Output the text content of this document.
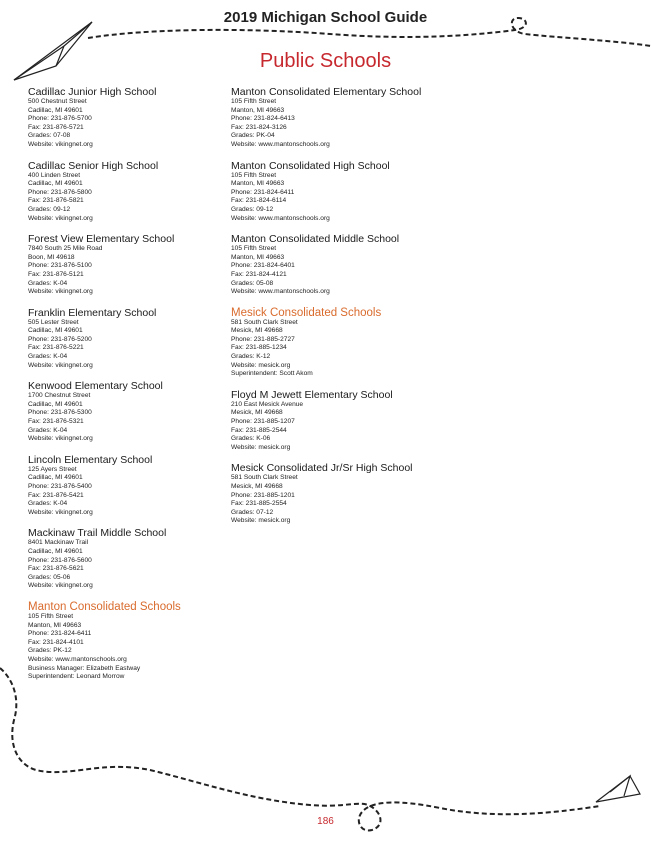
2019 Michigan School Guide
Public Schools
Cadillac Junior High School
500 Chestnut Street
Cadillac, MI 49601
Phone: 231-876-5700
Fax: 231-876-5721
Grades: 07-08
Website: vikingnet.org
Cadillac Senior High School
400 Linden Street
Cadillac, MI 49601
Phone: 231-876-5800
Fax: 231-876-5821
Grades: 09-12
Website: vikingnet.org
Forest View Elementary School
7840 South 25 Mile Road
Boon, MI 49618
Phone: 231-876-5100
Fax: 231-876-5121
Grades: K-04
Website: vikingnet.org
Franklin Elementary School
505 Lester Street
Cadillac, MI 49601
Phone: 231-876-5200
Fax: 231-876-5221
Grades: K-04
Website: vikingnet.org
Kenwood Elementary School
1700 Chestnut Street
Cadillac, MI 49601
Phone: 231-876-5300
Fax: 231-876-5321
Grades: K-04
Website: vikingnet.org
Lincoln Elementary School
125 Ayers Street
Cadillac, MI 49601
Phone: 231-876-5400
Fax: 231-876-5421
Grades: K-04
Website: vikingnet.org
Mackinaw Trail Middle School
8401 Mackinaw Trail
Cadillac, MI 49601
Phone: 231-876-5600
Fax: 231-876-5621
Grades: 05-06
Website: vikingnet.org
Manton Consolidated Schools
105 Fifth Street
Manton, MI 49663
Phone: 231-824-6411
Fax: 231-824-4101
Grades: PK-12
Website: www.mantonschools.org
Business Manager: Elizabeth Eastway
Superintendent: Leonard Morrow
Manton Consolidated Elementary School
105 Fifth Street
Manton, MI 49663
Phone: 231-824-6413
Fax: 231-824-3126
Grades: PK-04
Website: www.mantonschools.org
Manton Consolidated High School
105 Fifth Street
Manton, MI 49663
Phone: 231-824-6411
Fax: 231-824-6114
Grades: 09-12
Website: www.mantonschools.org
Manton Consolidated Middle School
105 Fifth Street
Manton, MI 49663
Phone: 231-824-6401
Fax: 231-824-4121
Grades: 05-08
Website: www.mantonschools.org
Mesick Consolidated Schools
581 South Clark Street
Mesick, MI 49668
Phone: 231-885-2727
Fax: 231-885-1234
Grades: K-12
Website: mesick.org
Superintendent: Scott Akom
Floyd M Jewett Elementary School
210 East Mesick Avenue
Mesick, MI 49668
Phone: 231-885-1207
Fax: 231-885-2544
Grades: K-06
Website: mesick.org
Mesick Consolidated Jr/Sr High School
581 South Clark Street
Mesick, MI 49668
Phone: 231-885-1201
Fax: 231-885-2554
Grades: 07-12
Website: mesick.org
186
